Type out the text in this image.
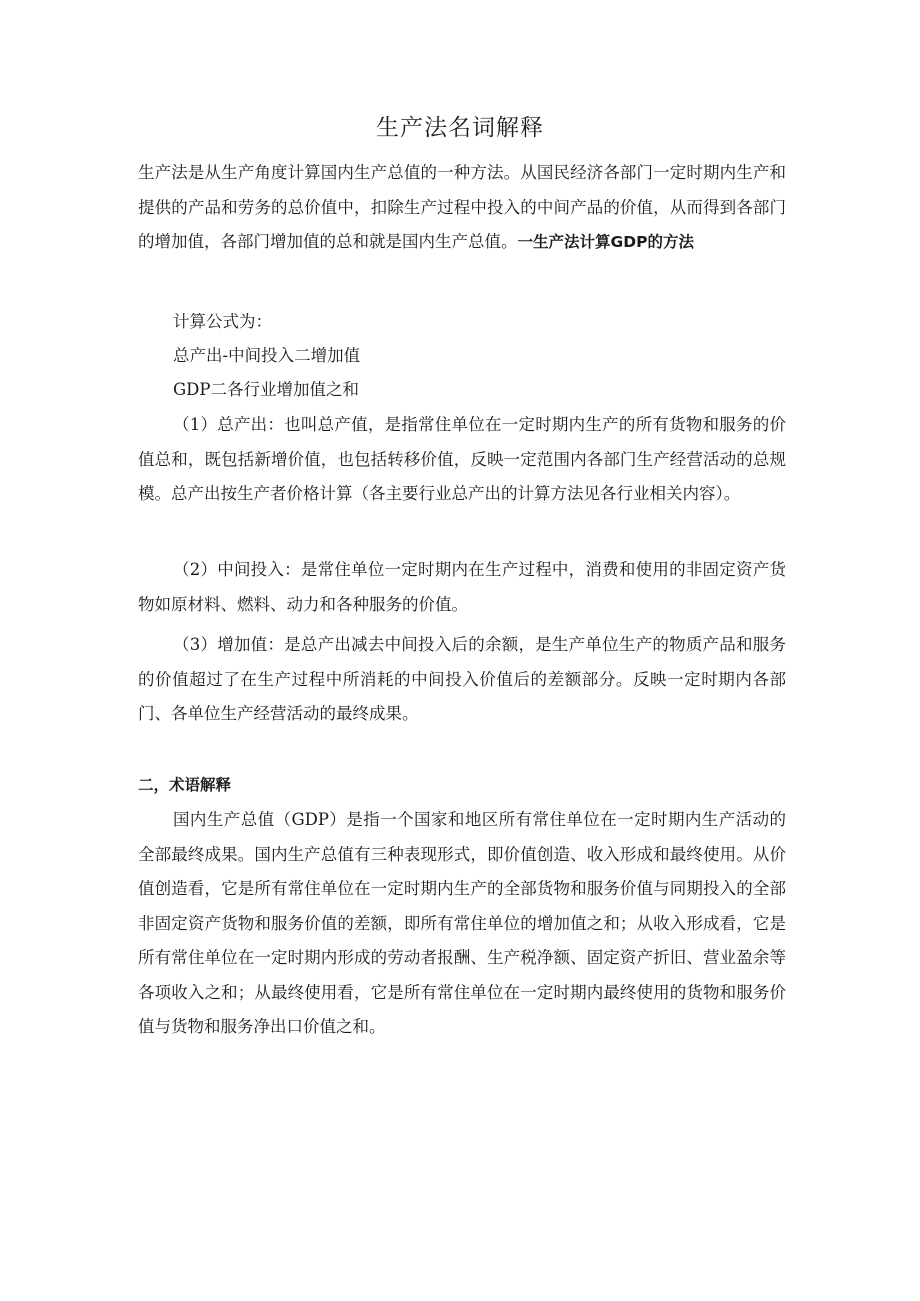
生产法名词解释

生产法是从生产角度计算国内生产总值的一种方法。从国民经济各部门一定时期内生产和提供的产品和劳务的总价值中，扣除生产过程中投入的中间产品的价值，从而得到各部门的增加值，各部门增加值的总和就是国内生产总值。一生产法计算GDP的方法

计算公式为：

总产出-中间投入二增加值

GDP二各行业增加值之和

（1）总产出：也叫总产值，是指常住单位在一定时期内生产的所有货物和服务的价值总和，既包括新增价值，也包括转移价值，反映一定范围内各部门生产经营活动的总规模。总产出按生产者价格计算（各主要行业总产出的计算方法见各行业相关内容）。

（2）中间投入：是常住单位一定时期内在生产过程中，消费和使用的非固定资产货物如原材料、燃料、动力和各种服务的价值。

（3）增加值：是总产出减去中间投入后的余额，是生产单位生产的物质产品和服务的价值超过了在生产过程中所消耗的中间投入价值后的差额部分。反映一定时期内各部门、各单位生产经营活动的最终成果。

二，术语解释

国内生产总值（GDP）是指一个国家和地区所有常住单位在一定时期内生产活动的全部最终成果。国内生产总值有三种表现形式，即价值创造、收入形成和最终使用。从价值创造看，它是所有常住单位在一定时期内生产的全部货物和服务价值与同期投入的全部非固定资产货物和服务价值的差额，即所有常住单位的增加值之和；从收入形成看，它是所有常住单位在一定时期内形成的劳动者报酬、生产税净额、固定资产折旧、营业盈余等各项收入之和；从最终使用看，它是所有常住单位在一定时期内最终使用的货物和服务价值与货物和服务净出口价值之和。
